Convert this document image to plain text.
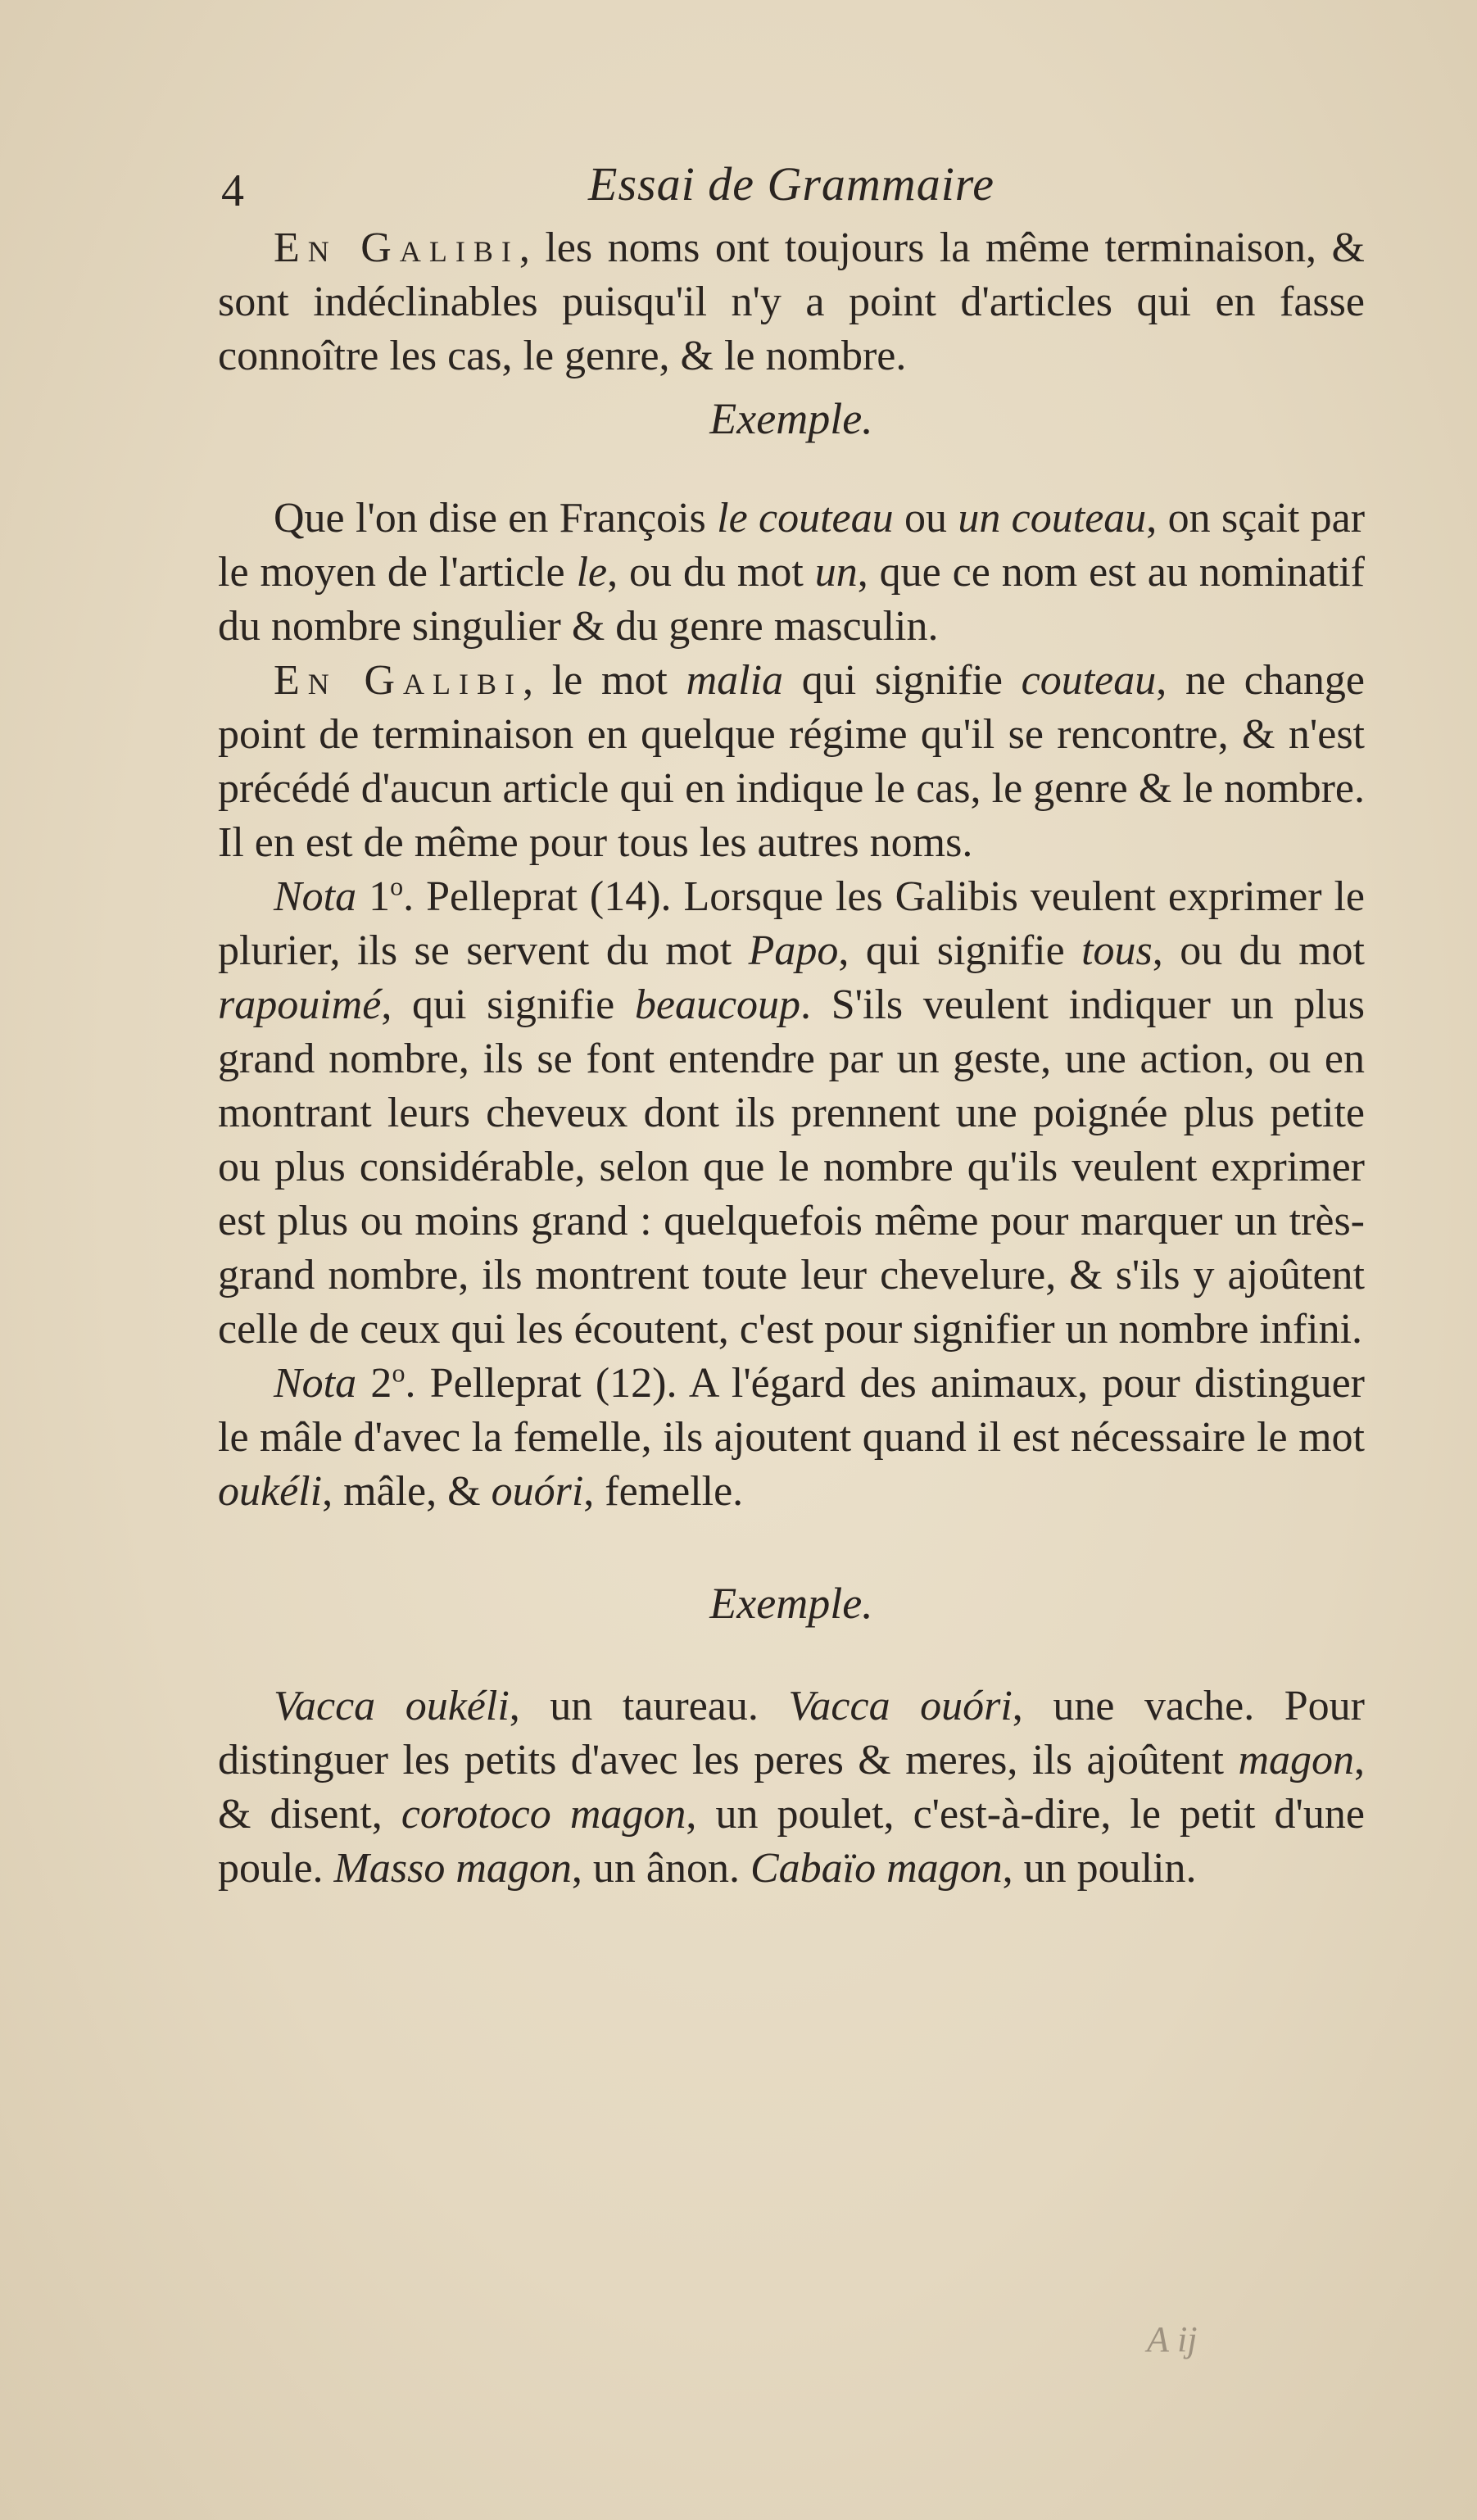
4	Essai de Grammaire

En Galibi, les noms ont toujours la même terminaison, & sont indéclinables puisqu'il n'y a point d'articles qui en fasse connoître les cas, le genre, & le nombre.

Exemple.

Que l'on dise en François le couteau ou un couteau, on sçait par le moyen de l'article le, ou du mot un, que ce nom est au nominatif du nombre singulier & du genre masculin.

En Galibi, le mot malia qui signifie couteau, ne change point de terminaison en quelque régime qu'il se rencontre, & n'est précédé d'aucun article qui en indique le cas, le genre & le nombre. Il en est de même pour tous les autres noms.

Nota 1$^o$. Pelleprat (14). Lorsque les Galibis veulent exprimer le plurier, ils se servent du mot Papo, qui signifie tous, ou du mot rapouimé, qui signifie beaucoup. S'ils veulent indiquer un plus grand nombre, ils se font entendre par un geste, une action, ou en montrant leurs cheveux dont ils prennent une poignée plus petite ou plus considérable, selon que le nombre qu'ils veulent exprimer est plus ou moins grand : quelquefois même pour marquer un très-grand nombre, ils montrent toute leur chevelure, & s'ils y ajoûtent celle de ceux qui les écoutent, c'est pour signifier un nombre infini.

Nota 2$^o$. Pelleprat (12). A l'égard des animaux, pour distinguer le mâle d'avec la femelle, ils ajoutent quand il est nécessaire le mot oukéli, mâle, & ouóri, femelle.

Exemple.

Vacca oukéli, un taureau. Vacca ouóri, une vache. Pour distinguer les petits d'avec les peres & meres, ils ajoûtent magon, & disent, corotoco magon, un poulet, c'est-à-dire, le petit d'une poule. Masso magon, un ânon. Cabaïo magon, un poulin.

A ij
